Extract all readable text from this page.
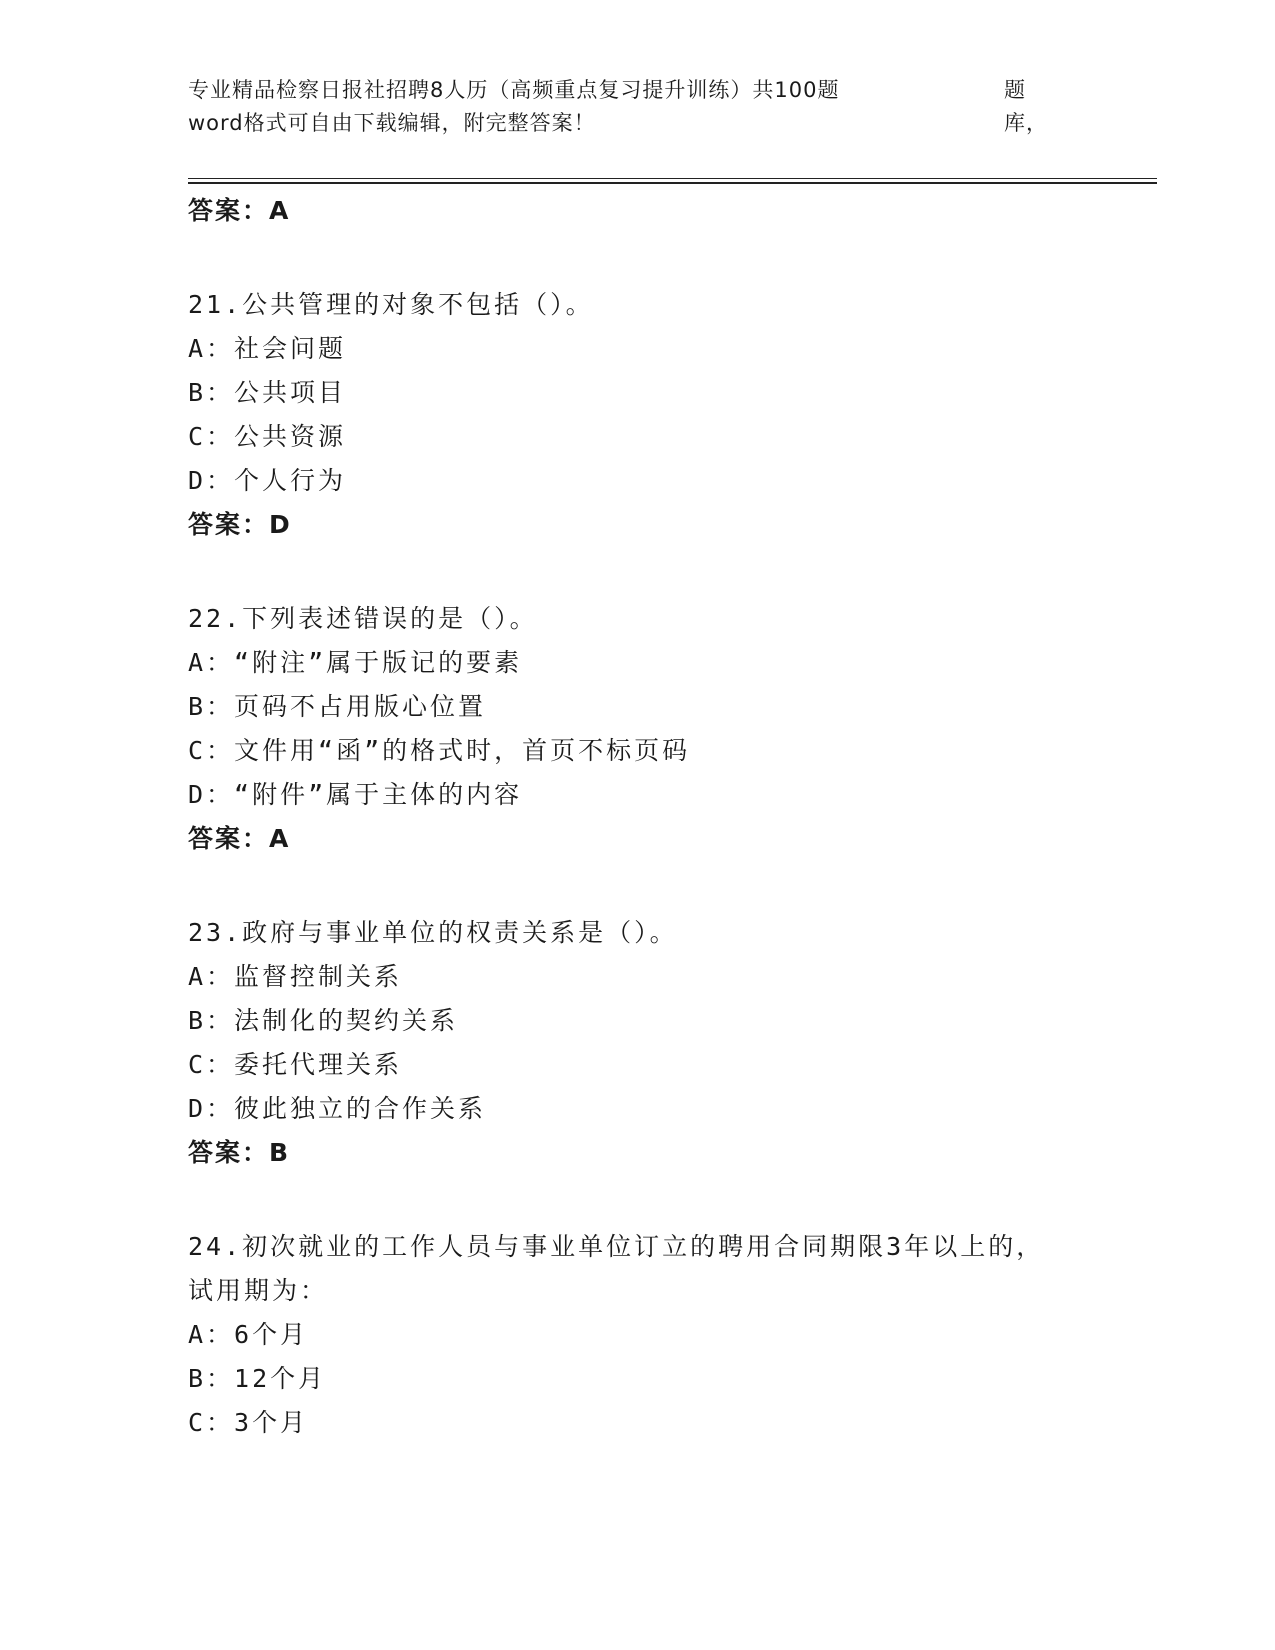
专业精品检察日报社招聘8人历（高频重点复习提升训练）共100题	题库，
word格式可自由下载编辑，附完整答案！
答案：A
21.公共管理的对象不包括（）。
A：社会问题
B：公共项目
C：公共资源
D：个人行为
答案：D
22.下列表述错误的是（）。
A：“附注”属于版记的要素
B：页码不占用版心位置
C：文件用“函”的格式时，首页不标页码
D：“附件”属于主体的内容
答案：A
23.政府与事业单位的权责关系是（）。
A：监督控制关系
B：法制化的契约关系
C：委托代理关系
D：彼此独立的合作关系
答案：B
24.初次就业的工作人员与事业单位订立的聘用合同期限3年以上的，
试用期为：
A：6个月
B：12个月
C：3个月
